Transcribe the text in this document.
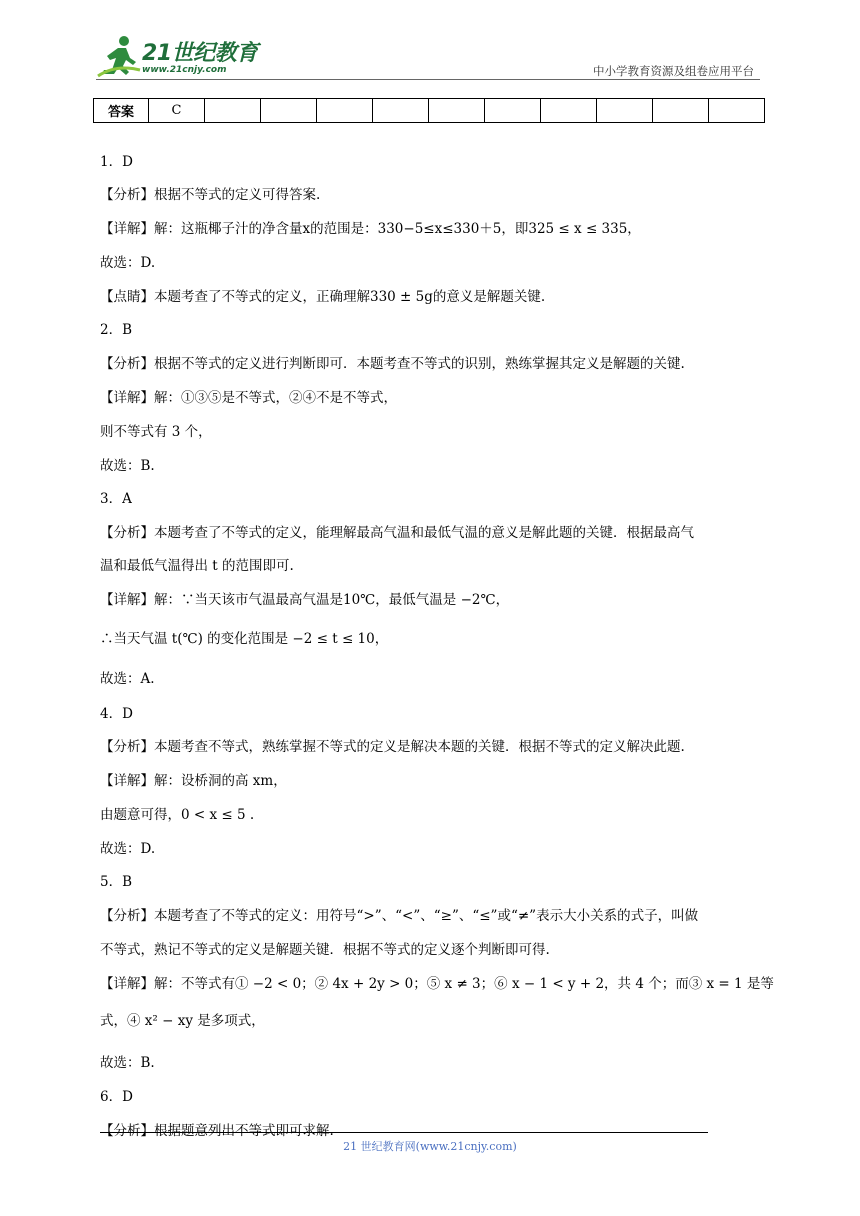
21世纪教育
www.21cnjy.com	中小学教育资源及组卷应用平台
答案	C										
1．D
【分析】根据不等式的定义可得答案.
【详解】解：这瓶椰子汁的净含量x的范围是：330−5≤x≤330＋5，即325 ≤ x ≤ 335，
故选：D.
【点睛】本题考查了不等式的定义，正确理解330 ± 5g的意义是解题关键.
2．B
【分析】根据不等式的定义进行判断即可．本题考查不等式的识别，熟练掌握其定义是解题的关键.
【详解】解：①③⑤是不等式，②④不是不等式，
则不等式有 3 个，
故选：B.
3．A
【分析】本题考查了不等式的定义，能理解最高气温和最低气温的意义是解此题的关键．根据最高气
温和最低气温得出 t 的范围即可.
【详解】解：∵当天该市气温最高气温是10℃，最低气温是 −2℃，
∴当天气温 t(℃) 的变化范围是 −2 ≤ t ≤ 10，
故选：A.
4．D
【分析】本题考查不等式，熟练掌握不等式的定义是解决本题的关键．根据不等式的定义解决此题.
【详解】解：设桥洞的高 xm，
由题意可得，0 < x ≤ 5 .
故选：D.
5．B
【分析】本题考查了不等式的定义：用符号“>”、“<”、“≥”、“≤”或“≠”表示大小关系的式子，叫做
不等式，熟记不等式的定义是解题关键．根据不等式的定义逐个判断即可得.
【详解】解：不等式有① −2 < 0；② 4x + 2y > 0；⑤ x ≠ 3；⑥ x − 1 < y + 2，共 4 个；而③ x = 1 是等
式，④ x² − xy 是多项式，
故选：B.
6．D
【分析】根据题意列出不等式即可求解.
21 世纪教育网(www.21cnjy.com)
